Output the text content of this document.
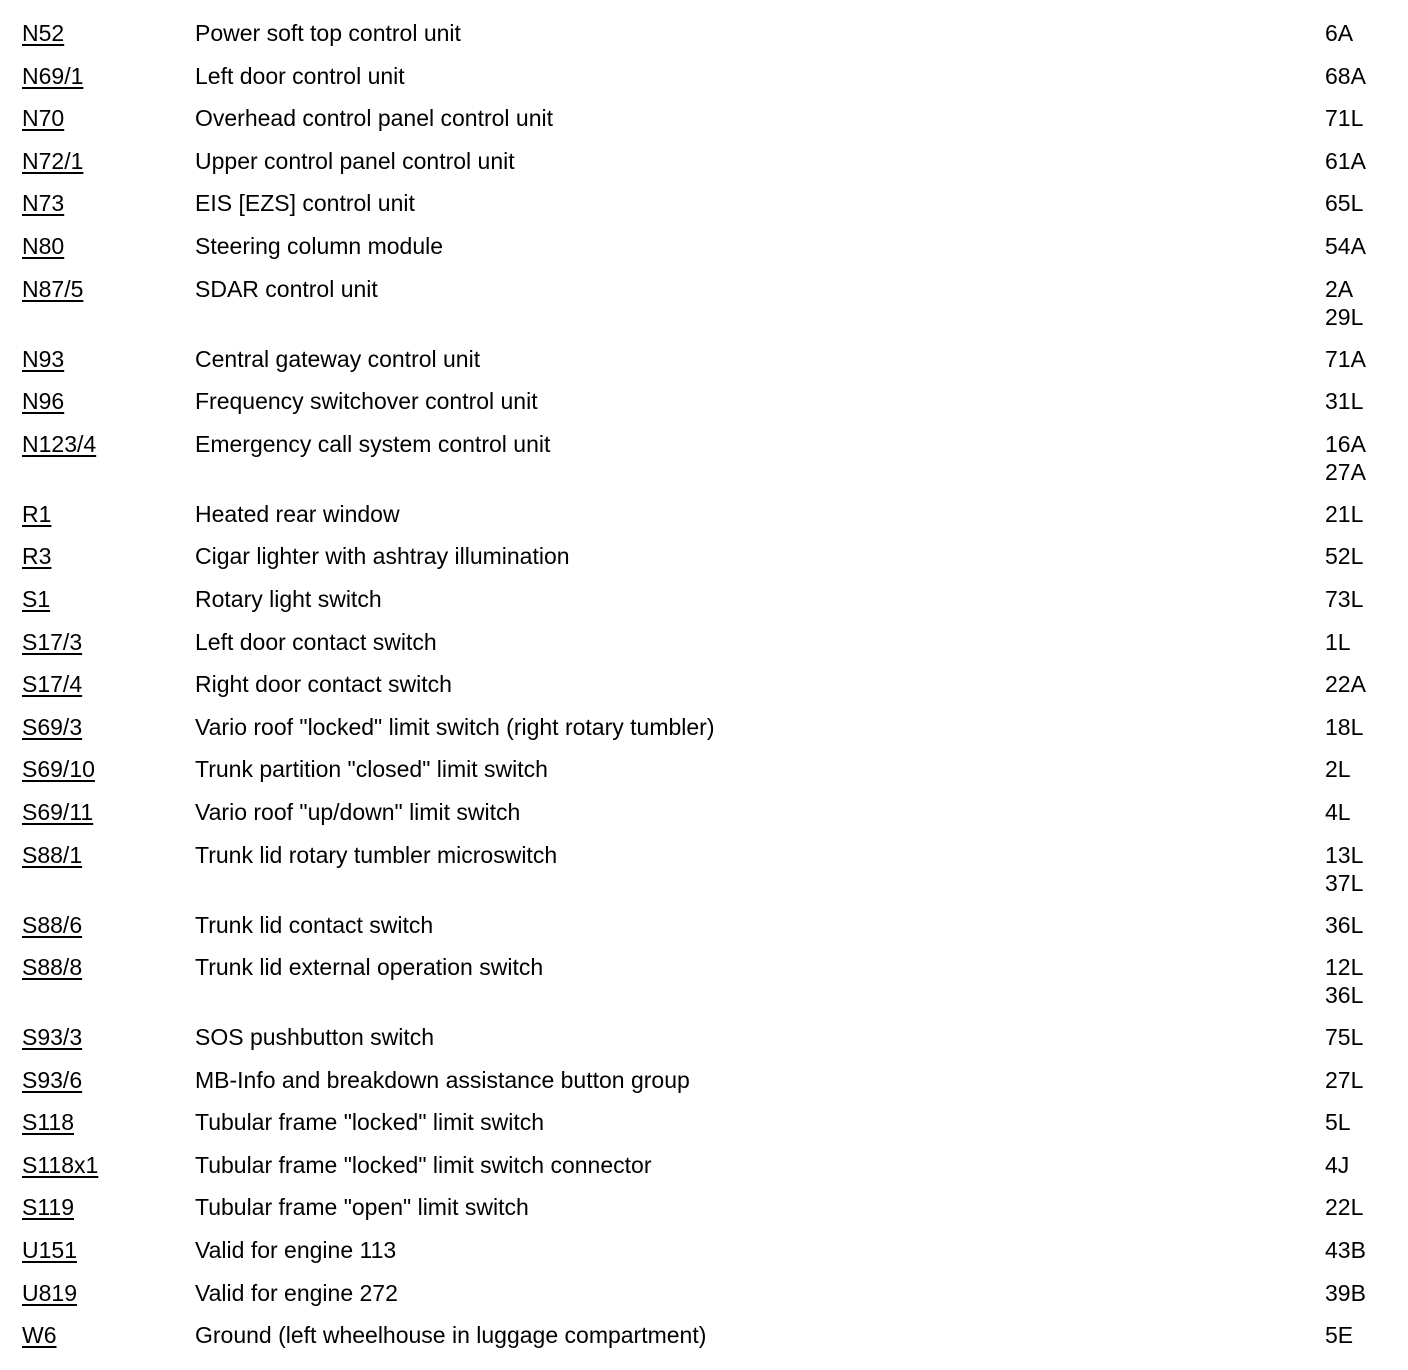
N52	Power soft top control unit	6A
N69/1	Left door control unit	68A
N70	Overhead control panel control unit	71L
N72/1	Upper control panel control unit	61A
N73	EIS [EZS] control unit	65L
N80	Steering column module	54A
N87/5	SDAR control unit	2A
29L
N93	Central gateway control unit	71A
N96	Frequency switchover control unit	31L
N123/4	Emergency call system control unit	16A
27A
R1	Heated rear window	21L
R3	Cigar lighter with ashtray illumination	52L
S1	Rotary light switch	73L
S17/3	Left door contact switch	1L
S17/4	Right door contact switch	22A
S69/3	Vario roof "locked" limit switch (right rotary tumbler)	18L
S69/10	Trunk partition "closed" limit switch	2L
S69/11	Vario roof "up/down" limit switch	4L
S88/1	Trunk lid rotary tumbler microswitch	13L
37L
S88/6	Trunk lid contact switch	36L
S88/8	Trunk lid external operation switch	12L
36L
S93/3	SOS pushbutton switch	75L
S93/6	MB-Info and breakdown assistance button group	27L
S118	Tubular frame "locked" limit switch	5L
S118x1	Tubular frame "locked" limit switch connector	4J
S119	Tubular frame "open" limit switch	22L
U151	Valid for engine 113	43B
U819	Valid for engine 272	39B
W6	Ground (left wheelhouse in luggage compartment)	5E
